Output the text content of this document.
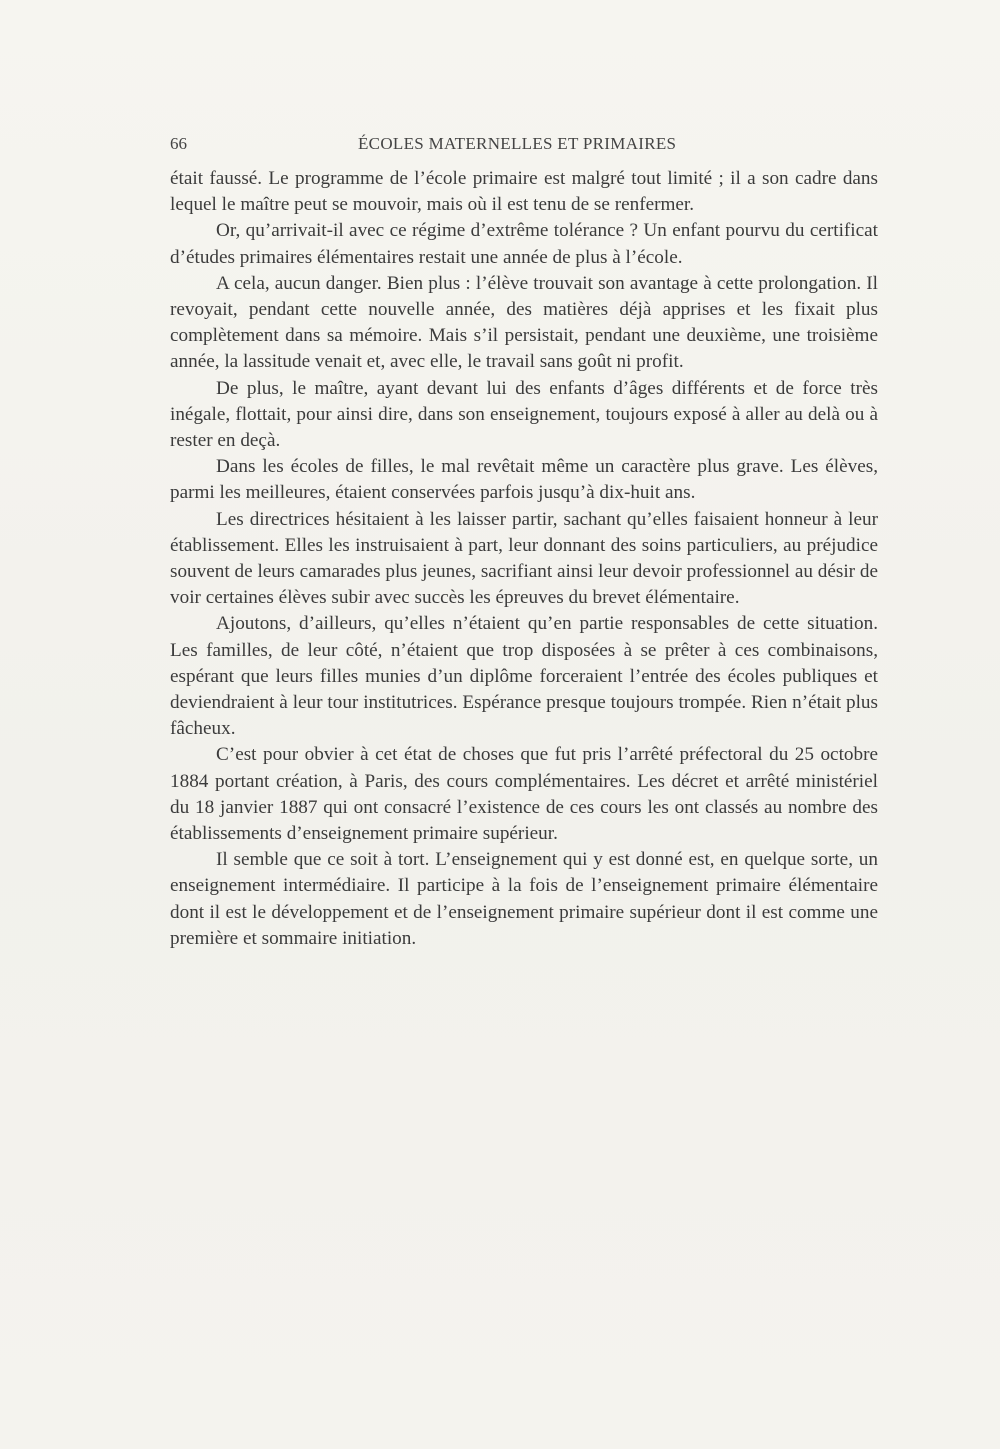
66	ÉCOLES MATERNELLES ET PRIMAIRES

était faussé. Le programme de l’école primaire est malgré tout limité ; il a son cadre dans lequel le maître peut se mouvoir, mais où il est tenu de se renfermer.

Or, qu’arrivait-il avec ce régime d’extrême tolérance ? Un enfant pourvu du certificat d’études primaires élémentaires restait une année de plus à l’école.

A cela, aucun danger. Bien plus : l’élève trouvait son avantage à cette prolongation. Il revoyait, pendant cette nouvelle année, des matières déjà apprises et les fixait plus complètement dans sa mémoire. Mais s’il persistait, pendant une deuxième, une troisième année, la lassitude venait et, avec elle, le travail sans goût ni profit.

De plus, le maître, ayant devant lui des enfants d’âges différents et de force très inégale, flottait, pour ainsi dire, dans son enseignement, toujours exposé à aller au delà ou à rester en deçà.

Dans les écoles de filles, le mal revêtait même un caractère plus grave. Les élèves, parmi les meilleures, étaient conservées parfois jusqu’à dix-huit ans.

Les directrices hésitaient à les laisser partir, sachant qu’elles faisaient honneur à leur établissement. Elles les instruisaient à part, leur donnant des soins particuliers, au préjudice souvent de leurs camarades plus jeunes, sacrifiant ainsi leur devoir professionnel au désir de voir certaines élèves subir avec succès les épreuves du brevet élémentaire.

Ajoutons, d’ailleurs, qu’elles n’étaient qu’en partie responsables de cette situation. Les familles, de leur côté, n’étaient que trop disposées à se prêter à ces combinaisons, espérant que leurs filles munies d’un diplôme forceraient l’entrée des écoles publiques et deviendraient à leur tour institutrices. Espérance presque toujours trompée. Rien n’était plus fâcheux.

C’est pour obvier à cet état de choses que fut pris l’arrêté préfectoral du 25 octobre 1884 portant création, à Paris, des cours complémentaires. Les décret et arrêté ministériel du 18 janvier 1887 qui ont consacré l’existence de ces cours les ont classés au nombre des établissements d’enseignement primaire supérieur.

Il semble que ce soit à tort. L’enseignement qui y est donné est, en quelque sorte, un enseignement intermédiaire. Il participe à la fois de l’enseignement primaire élémentaire dont il est le développement et de l’enseignement primaire supérieur dont il est comme une première et sommaire initiation.
